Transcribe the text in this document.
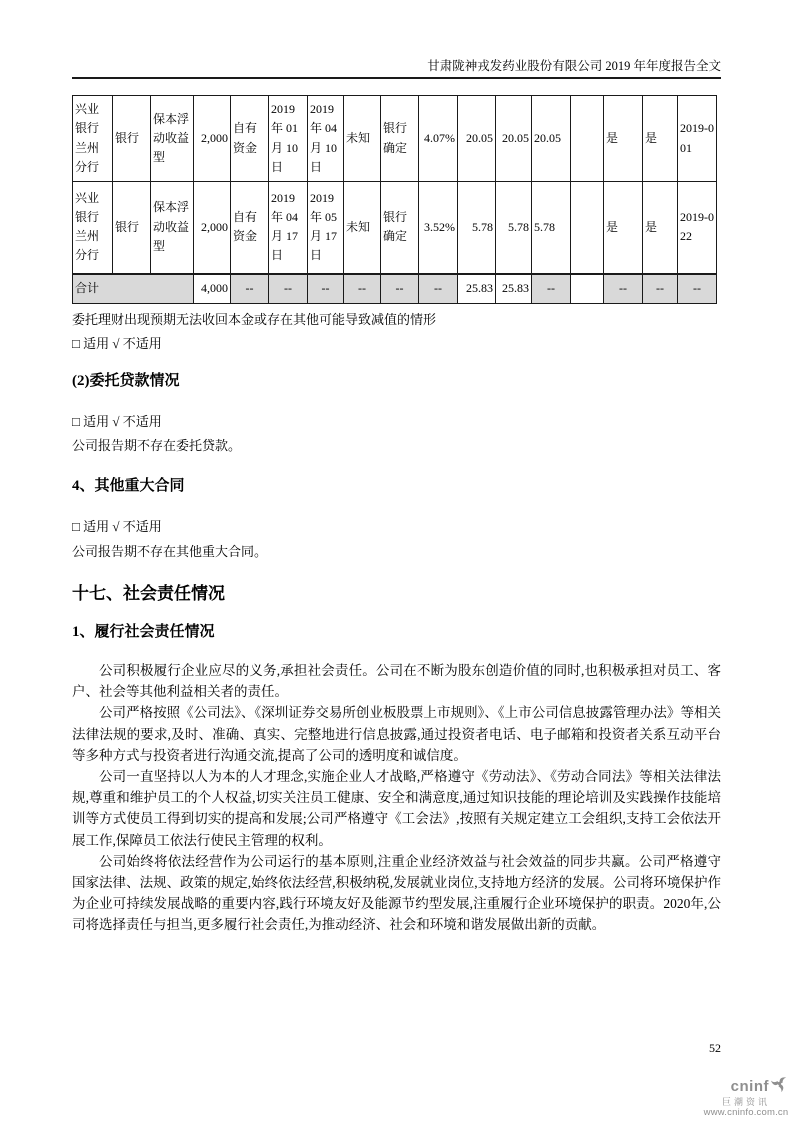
甘肃陇神戎发药业股份有限公司 2019 年年度报告全文
兴业银行兰州分行	银行	保本浮动收益型	2,000	自有资金	2019 年 01 月 10 日	2019 年 04 月 10 日	未知	银行确定	4.07%	20.05	20.05	20.05		是	是	2019-001
兴业银行兰州分行	银行	保本浮动收益型	2,000	自有资金	2019 年 04 月 17 日	2019 年 05 月 17 日	未知	银行确定	3.52%	5.78	5.78	5.78		是	是	2019-022
合计			4,000	--	--	--	--	--	--	25.83	25.83	--		--	--	--
委托理财出现预期无法收回本金或存在其他可能导致减值的情形
□ 适用 √ 不适用
(2)委托贷款情况
□ 适用 √ 不适用
公司报告期不存在委托贷款。
4、其他重大合同
□ 适用 √ 不适用
公司报告期不存在其他重大合同。
十七、社会责任情况
1、履行社会责任情况

公司积极履行企业应尽的义务,承担社会责任。公司在不断为股东创造价值的同时,也积极承担对员工、客户、社会等其他利益相关者的责任。

公司严格按照《公司法》、《深圳证券交易所创业板股票上市规则》、《上市公司信息披露管理办法》等相关法律法规的要求,及时、准确、真实、完整地进行信息披露,通过投资者电话、电子邮箱和投资者关系互动平台等多种方式与投资者进行沟通交流,提高了公司的透明度和诚信度。

公司一直坚持以人为本的人才理念,实施企业人才战略,严格遵守《劳动法》、《劳动合同法》等相关法律法规,尊重和维护员工的个人权益,切实关注员工健康、安全和满意度,通过知识技能的理论培训及实践操作技能培训等方式使员工得到切实的提高和发展;公司严格遵守《工会法》,按照有关规定建立工会组织,支持工会依法开展工作,保障员工依法行使民主管理的权利。

公司始终将依法经营作为公司运行的基本原则,注重企业经济效益与社会效益的同步共赢。公司严格遵守国家法律、法规、政策的规定,始终依法经营,积极纳税,发展就业岗位,支持地方经济的发展。公司将环境保护作为企业可持续发展战略的重要内容,践行环境友好及能源节约型发展,注重履行企业环境保护的职责。2020年,公司将选择责任与担当,更多履行社会责任,为推动经济、社会和环境和谐发展做出新的贡献。

52
cninf
巨潮资讯
www.cninfo.com.cn
